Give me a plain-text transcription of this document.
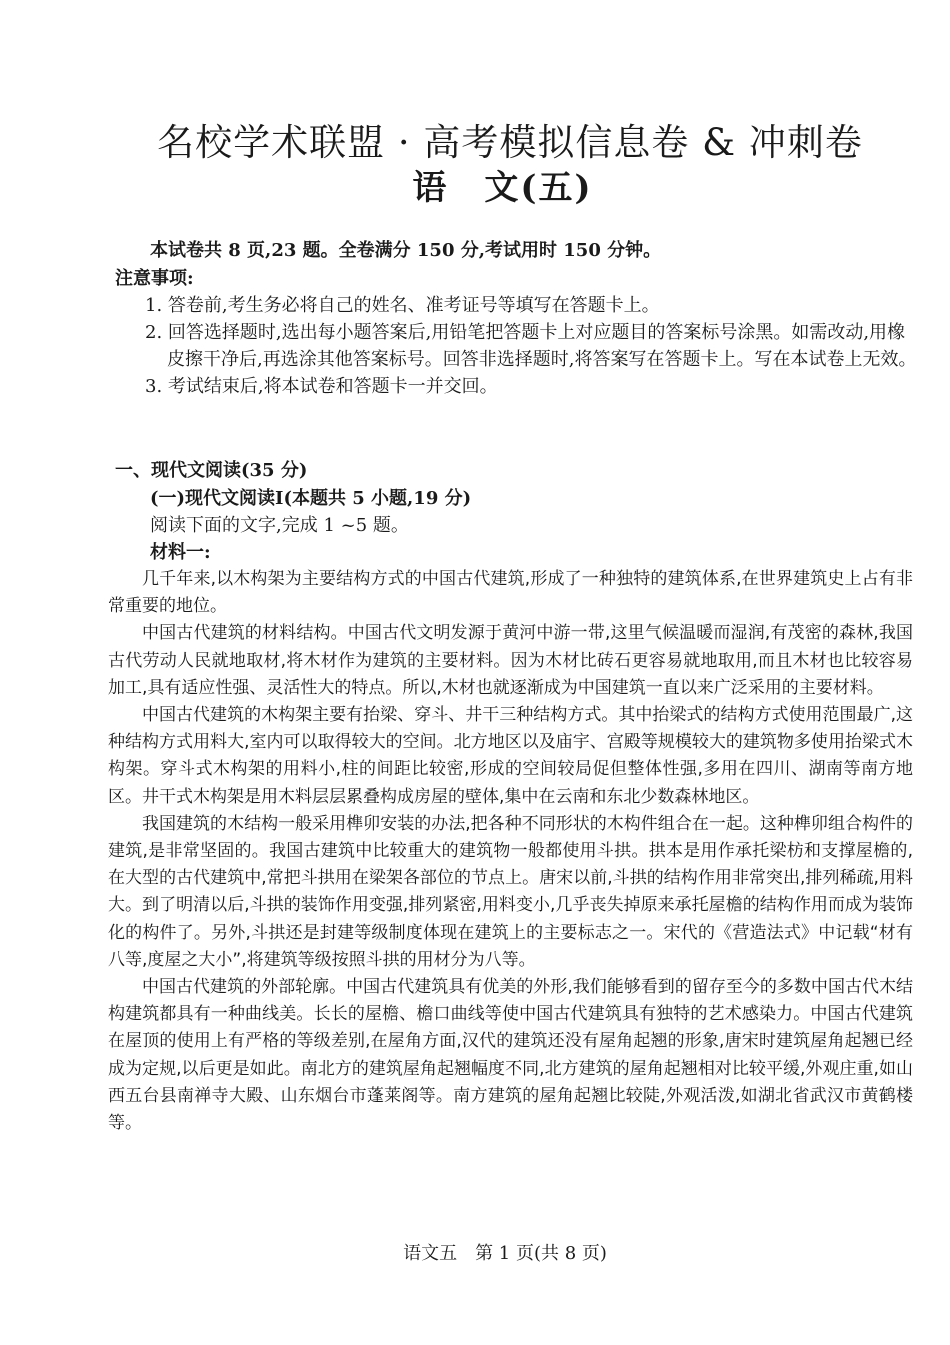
名校学术联盟 · 高考模拟信息卷 & 冲刺卷
语　文(五)
本试卷共 8 页,23 题。全卷满分 150 分,考试用时 150 分钟。
注意事项:
1. 答卷前,考生务必将自己的姓名、准考证号等填写在答题卡上。
2. 回答选择题时,选出每小题答案后,用铅笔把答题卡上对应题目的答案标号涂黑。如需改动,用橡皮擦干净后,再选涂其他答案标号。回答非选择题时,将答案写在答题卡上。写在本试卷上无效。
3. 考试结束后,将本试卷和答题卡一并交回。
一、现代文阅读(35 分)
(一)现代文阅读Ⅰ(本题共 5 小题,19 分)
阅读下面的文字,完成 1 ~5 题。
材料一:

几千年来,以木构架为主要结构方式的中国古代建筑,形成了一种独特的建筑体系,在世界建筑史上占有非常重要的地位。

中国古代建筑的材料结构。中国古代文明发源于黄河中游一带,这里气候温暖而湿润,有茂密的森林,我国古代劳动人民就地取材,将木材作为建筑的主要材料。因为木材比砖石更容易就地取用,而且木材也比较容易加工,具有适应性强、灵活性大的特点。所以,木材也就逐渐成为中国建筑一直以来广泛采用的主要材料。

中国古代建筑的木构架主要有抬梁、穿斗、井干三种结构方式。其中抬梁式的结构方式使用范围最广,这种结构方式用料大,室内可以取得较大的空间。北方地区以及庙宇、宫殿等规模较大的建筑物多使用抬梁式木构架。穿斗式木构架的用料小,柱的间距比较密,形成的空间较局促但整体性强,多用在四川、湖南等南方地区。井干式木构架是用木料层层累叠构成房屋的壁体,集中在云南和东北少数森林地区。

我国建筑的木结构一般采用榫卯安装的办法,把各种不同形状的木构件组合在一起。这种榫卯组合构件的建筑,是非常坚固的。我国古建筑中比较重大的建筑物一般都使用斗拱。拱本是用作承托梁枋和支撑屋檐的,在大型的古代建筑中,常把斗拱用在梁架各部位的节点上。唐宋以前,斗拱的结构作用非常突出,排列稀疏,用料大。到了明清以后,斗拱的装饰作用变强,排列紧密,用料变小,几乎丧失掉原来承托屋檐的结构作用而成为装饰化的构件了。另外,斗拱还是封建等级制度体现在建筑上的主要标志之一。宋代的《营造法式》中记载“材有八等,度屋之大小”,将建筑等级按照斗拱的用材分为八等。

中国古代建筑的外部轮廓。中国古代建筑具有优美的外形,我们能够看到的留存至今的多数中国古代木结构建筑都具有一种曲线美。长长的屋檐、檐口曲线等使中国古代建筑具有独特的艺术感染力。中国古代建筑在屋顶的使用上有严格的等级差别,在屋角方面,汉代的建筑还没有屋角起翘的形象,唐宋时建筑屋角起翘已经成为定规,以后更是如此。南北方的建筑屋角起翘幅度不同,北方建筑的屋角起翘相对比较平缓,外观庄重,如山西五台县南禅寺大殿、山东烟台市蓬莱阁等。南方建筑的屋角起翘比较陡,外观活泼,如湖北省武汉市黄鹤楼等。

语文五　第 1 页(共 8 页)
